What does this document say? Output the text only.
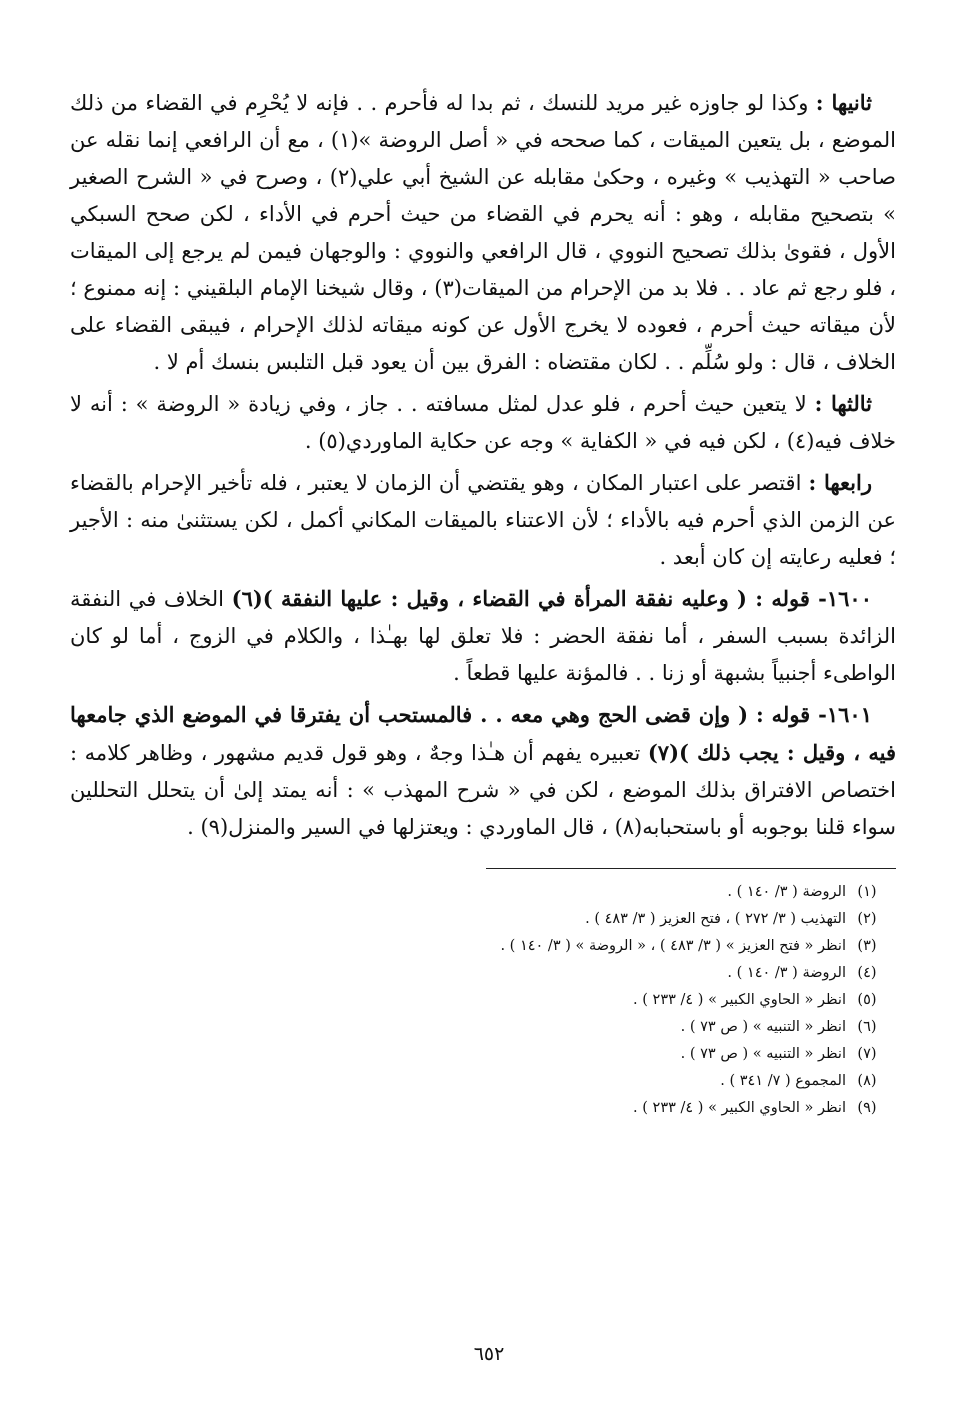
ثانيها : وكذا لو جاوزه غير مريد للنسك ، ثم بدا له فأحرم . . فإنه لا يُحْرِم في القضاء من ذلك الموضع ، بل يتعين الميقات ، كما صححه في « أصل الروضة »(١) ، مع أن الرافعي إنما نقله عن صاحب « التهذيب » وغيره ، وحكىٰ مقابله عن الشيخ أبي علي(٢) ، وصرح في « الشرح الصغير » بتصحيح مقابله ، وهو : أنه يحرم في القضاء من حيث أحرم في الأداء ، لكن صحح السبكي الأول ، فقوىٰ بذلك تصحيح النووي ، قال الرافعي والنووي : والوجهان فيمن لم يرجع إلى الميقات ، فلو رجع ثم عاد . . فلا بد من الإحرام من الميقات(٣) ، وقال شيخنا الإمام البلقيني : إنه ممنوع ؛ لأن ميقاته حيث أحرم ، فعوده لا يخرج الأول عن كونه ميقاته لذلك الإحرام ، فيبقى القضاء على الخلاف ، قال : ولو سُلِّم . . لكان مقتضاه : الفرق بين أن يعود قبل التلبس بنسك أم لا .

ثالثها : لا يتعين حيث أحرم ، فلو عدل لمثل مسافته . . جاز ، وفي زيادة « الروضة » : أنه لا خلاف فيه(٤) ، لكن فيه في « الكفاية » وجه عن حكاية الماوردي(٥) .

رابعها : اقتصر على اعتبار المكان ، وهو يقتضي أن الزمان لا يعتبر ، فله تأخير الإحرام بالقضاء عن الزمن الذي أحرم فيه بالأداء ؛ لأن الاعتناء بالميقات المكاني أكمل ، لكن يستثنىٰ منه : الأجير ؛ فعليه رعايته إن كان أبعد .

١٦٠٠- قوله : ( وعليه نفقة المرأة في القضاء ، وقيل : عليها النفقة )(٦) الخلاف في النفقة الزائدة بسبب السفر ، أما نفقة الحضر : فلا تعلق لها بهـٰذا ، والكلام في الزوج ، أما لو كان الواطىء أجنبياً بشبهة أو زنا . . فالمؤنة عليها قطعاً .

١٦٠١- قوله : ( وإن قضى الحج وهي معه . . فالمستحب أن يفترقا في الموضع الذي جامعها فيه ، وقيل : يجب ذلك )(٧) تعبيره يفهم أن هـٰذا وجهٌ ، وهو قول قديم مشهور ، وظاهر كلامه : اختصاص الافتراق بذلك الموضع ، لكن في « شرح المهذب » : أنه يمتد إلىٰ أن يتحلل التحللين سواء قلنا بوجوبه أو باستحبابه(٨) ، قال الماوردي : ويعتزلها في السير والمنزل(٩) .

(١)
الروضة ( ٣/ ١٤٠ ) .
(٢)
التهذيب ( ٣/ ٢٧٢ ) ، فتح العزيز ( ٣/ ٤٨٣ ) .
(٣)
انظر « فتح العزيز » ( ٣/ ٤٨٣ ) ، « الروضة » ( ٣/ ١٤٠ ) .
(٤)
الروضة ( ٣/ ١٤٠ ) .
(٥)
انظر « الحاوي الكبير » ( ٤/ ٢٣٣ ) .
(٦)
انظر « التنبيه » ( ص ٧٣ ) .
(٧)
انظر « التنبيه » ( ص ٧٣ ) .
(٨)
المجموع ( ٧/ ٣٤١ ) .
(٩)
انظر « الحاوي الكبير » ( ٤/ ٢٣٣ ) .
٦٥٢
